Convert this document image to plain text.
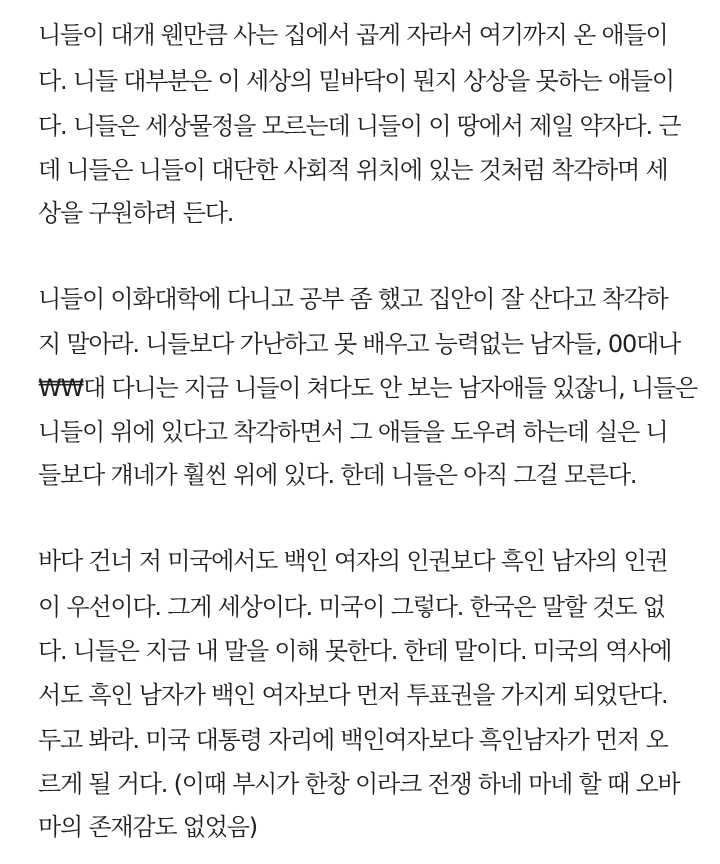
니들이 대개 웬만큼 사는 집에서 곱게 자라서 여기까지 온 애들이

다. 니들 대부분은 이 세상의 밑바닥이 뭔지 상상을 못하는 애들이

다. 니들은 세상물정을 모르는데 니들이 이 땅에서 제일 약자다. 근

데 니들은 니들이 대단한 사회적 위치에 있는 것처럼 착각하며 세

상을 구원하려 든다.

니들이 이화대학에 다니고 공부 좀 했고 집안이 잘 산다고 착각하

지 말아라. 니들보다 가난하고 못 배우고 능력없는 남자들, 00대나

₩₩대 다니는 지금 니들이 쳐다도 안 보는 남자애들 있잖니, 니들은

니들이 위에 있다고 착각하면서 그 애들을 도우려 하는데 실은 니

들보다 걔네가 훨씬 위에 있다. 한데 니들은 아직 그걸 모른다.

바다 건너 저 미국에서도 백인 여자의 인권보다 흑인 남자의 인권

이 우선이다. 그게 세상이다. 미국이 그렇다. 한국은 말할 것도 없

다. 니들은 지금 내 말을 이해 못한다. 한데 말이다. 미국의 역사에

서도 흑인 남자가 백인 여자보다 먼저 투표권을 가지게 되었단다.

두고 봐라. 미국 대통령 자리에 백인여자보다 흑인남자가 먼저 오

르게 될 거다. (이때 부시가 한창 이라크 전쟁 하네 마네 할 때 오바

마의 존재감도 없었음)
